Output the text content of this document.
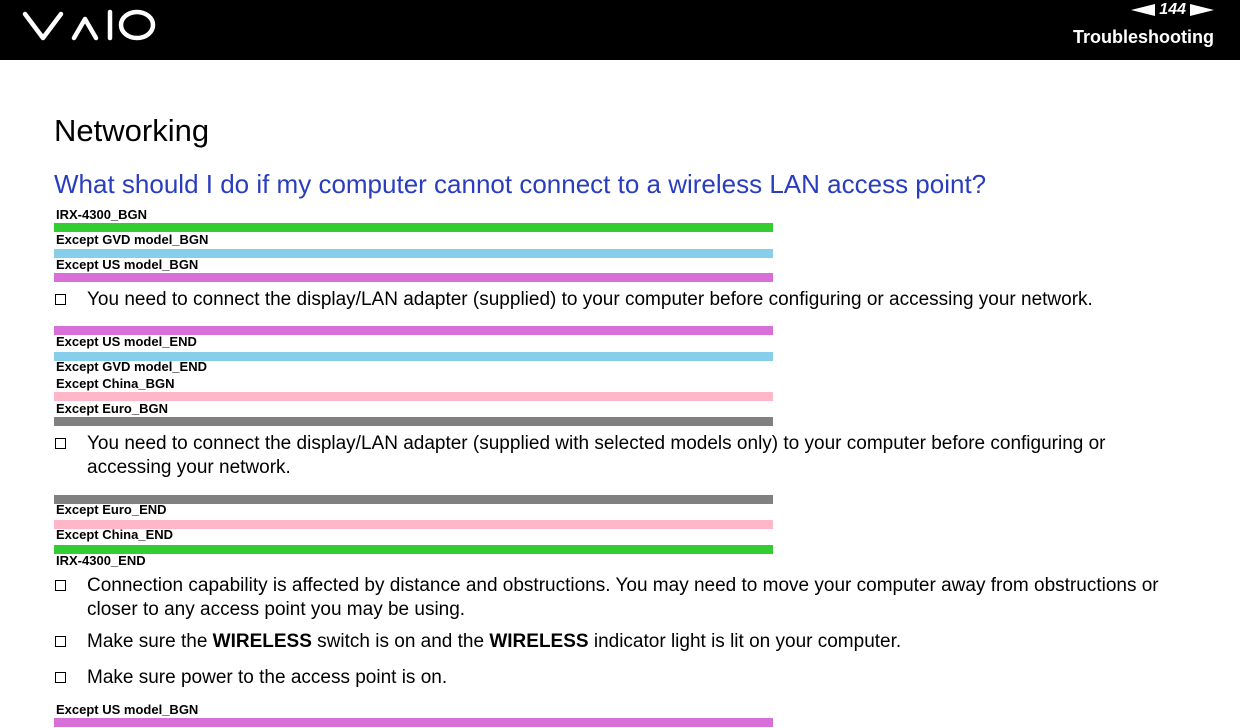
144
Troubleshooting
Networking
What should I do if my computer cannot connect to a wireless LAN access point?
IRX-4300_BGN
Except GVD model_BGN
Except US model_BGN
You need to connect the display/LAN adapter (supplied) to your computer before configuring or accessing your network.
Except US model_END
Except GVD model_END
Except China_BGN
Except Euro_BGN
You need to connect the display/LAN adapter (supplied with selected models only) to your computer before configuring or accessing your network.
Except Euro_END
Except China_END
IRX-4300_END
Connection capability is affected by distance and obstructions. You may need to move your computer away from obstructions or closer to any access point you may be using.
Make sure the WIRELESS switch is on and the WIRELESS indicator light is lit on your computer.
Make sure power to the access point is on.
Except US model_BGN
